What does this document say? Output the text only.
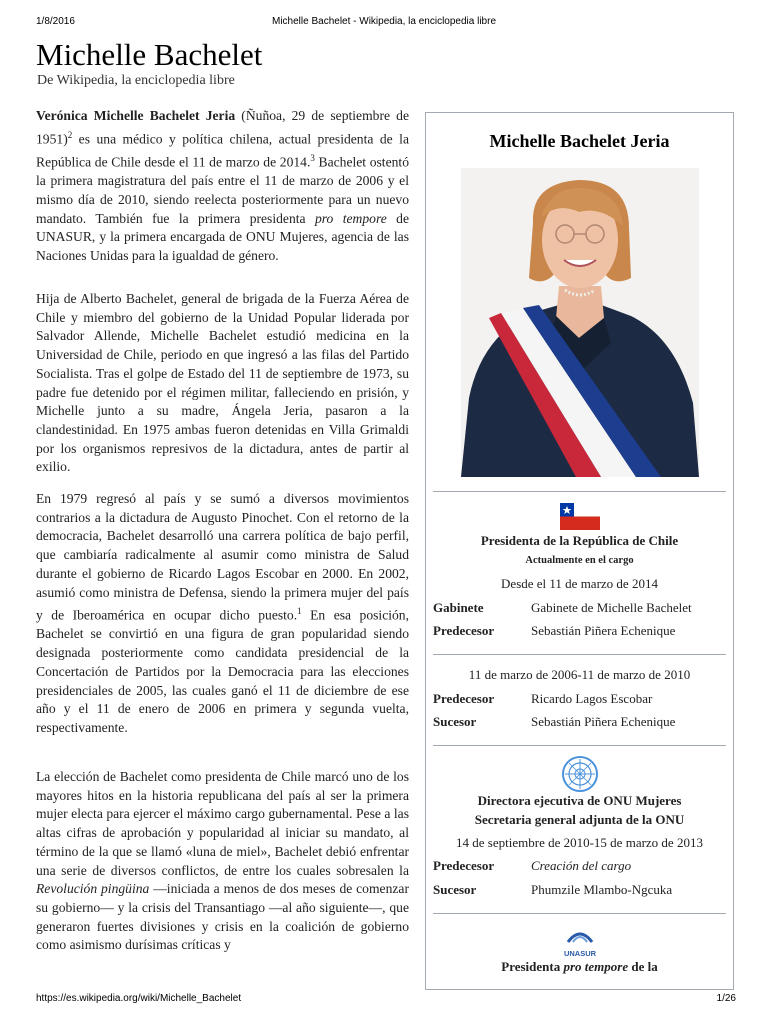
1/8/2016	Michelle Bachelet - Wikipedia, la enciclopedia libre
Michelle Bachelet
De Wikipedia, la enciclopedia libre

Verónica Michelle Bachelet Jeria (Ñuñoa, 29 de septiembre de 1951)$^2$ es una médico y política chilena, actual presidenta de la República de Chile desde el 11 de marzo de 2014.$^3$ Bachelet ostentó la primera magistratura del país entre el 11 de marzo de 2006 y el mismo día de 2010, siendo reelecta posteriormente para un nuevo mandato. También fue la primera presidenta pro tempore de UNASUR, y la primera encargada de ONU Mujeres, agencia de las Naciones Unidas para la igualdad de género.

Hija de Alberto Bachelet, general de brigada de la Fuerza Aérea de Chile y miembro del gobierno de la Unidad Popular liderada por Salvador Allende, Michelle Bachelet estudió medicina en la Universidad de Chile, periodo en que ingresó a las filas del Partido Socialista. Tras el golpe de Estado del 11 de septiembre de 1973, su padre fue detenido por el régimen militar, falleciendo en prisión, y Michelle junto a su madre, Ángela Jeria, pasaron a la clandestinidad. En 1975 ambas fueron detenidas en Villa Grimaldi por los organismos represivos de la dictadura, antes de partir al exilio.

En 1979 regresó al país y se sumó a diversos movimientos contrarios a la dictadura de Augusto Pinochet. Con el retorno de la democracia, Bachelet desarrolló una carrera política de bajo perfil, que cambiaría radicalmente al asumir como ministra de Salud durante el gobierno de Ricardo Lagos Escobar en 2000. En 2002, asumió como ministra de Defensa, siendo la primera mujer del país y de Iberoamérica en ocupar dicho puesto.$^1$ En esa posición, Bachelet se convirtió en una figura de gran popularidad siendo designada posteriormente como candidata presidencial de la Concertación de Partidos por la Democracia para las elecciones presidenciales de 2005, las cuales ganó el 11 de diciembre de ese año y el 11 de enero de 2006 en primera y segunda vuelta, respectivamente.

La elección de Bachelet como presidenta de Chile marcó uno de los mayores hitos en la historia republicana del país al ser la primera mujer electa para ejercer el máximo cargo gubernamental. Pese a las altas cifras de aprobación y popularidad al iniciar su mandato, al término de la que se llamó «luna de miel», Bachelet debió enfrentar una serie de diversos conflictos, de entre los cuales sobresalen la Revolución pingüina —iniciada a menos de dos meses de comenzar su gobierno— y la crisis del Transantiago —al año siguiente—, que generaron fuertes divisiones y crisis en la coalición de gobierno como asimismo durísimas críticas y

Michelle Bachelet Jeria
Presidenta de la República de Chile
Actualmente en el cargo
Desde el 11 de marzo de 2014
Gabinete	Gabinete de Michelle Bachelet
Predecesor	Sebastián Piñera Echenique
11 de marzo de 2006-11 de marzo de 2010
Predecesor	Ricardo Lagos Escobar
Sucesor	Sebastián Piñera Echenique
Directora ejecutiva de ONU Mujeres
Secretaria general adjunta de la ONU
14 de septiembre de 2010-15 de marzo de 2013
Predecesor	Creación del cargo
Sucesor	Phumzile Mlambo-Ngcuka
UNASUR
Presidenta pro tempore de la
https://es.wikipedia.org/wiki/Michelle_Bachelet	1/26
